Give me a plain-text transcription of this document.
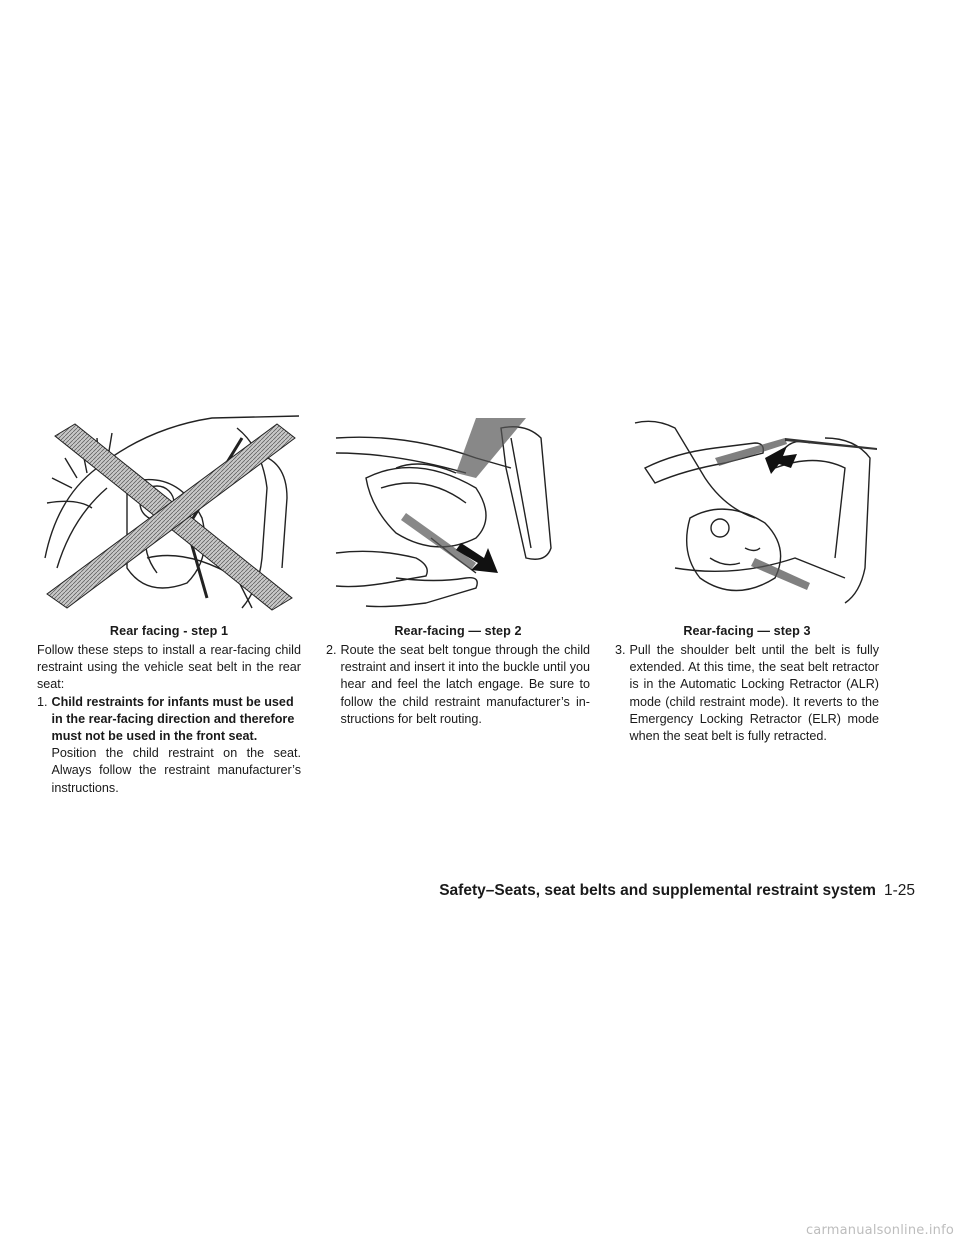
Rear facing - step 1

Follow these steps to install a rear-facing child restraint using the vehicle seat belt in the rear seat:

1. Child restraints for infants must be used in the rear-facing direction and therefore must not be used in the front seat.
Position the child restraint on the seat. Always follow the restraint manufacturer’s instructions.
Rear-facing — step 2
2. Route the seat belt tongue through the child restraint and insert it into the buckle until you hear and feel the latch engage. Be sure to follow the child restraint manufacturer’s instructions for belt routing.
Rear-facing — step 3
3. Pull the shoulder belt until the belt is fully extended. At this time, the seat belt retractor is in the Automatic Locking Retractor (ALR) mode (child restraint mode). It reverts to the Emergency Locking Retractor (ELR) mode when the seat belt is fully retracted.
Safety–Seats, seat belts and supplemental restraint system 1-25
carmanualsonline.info
